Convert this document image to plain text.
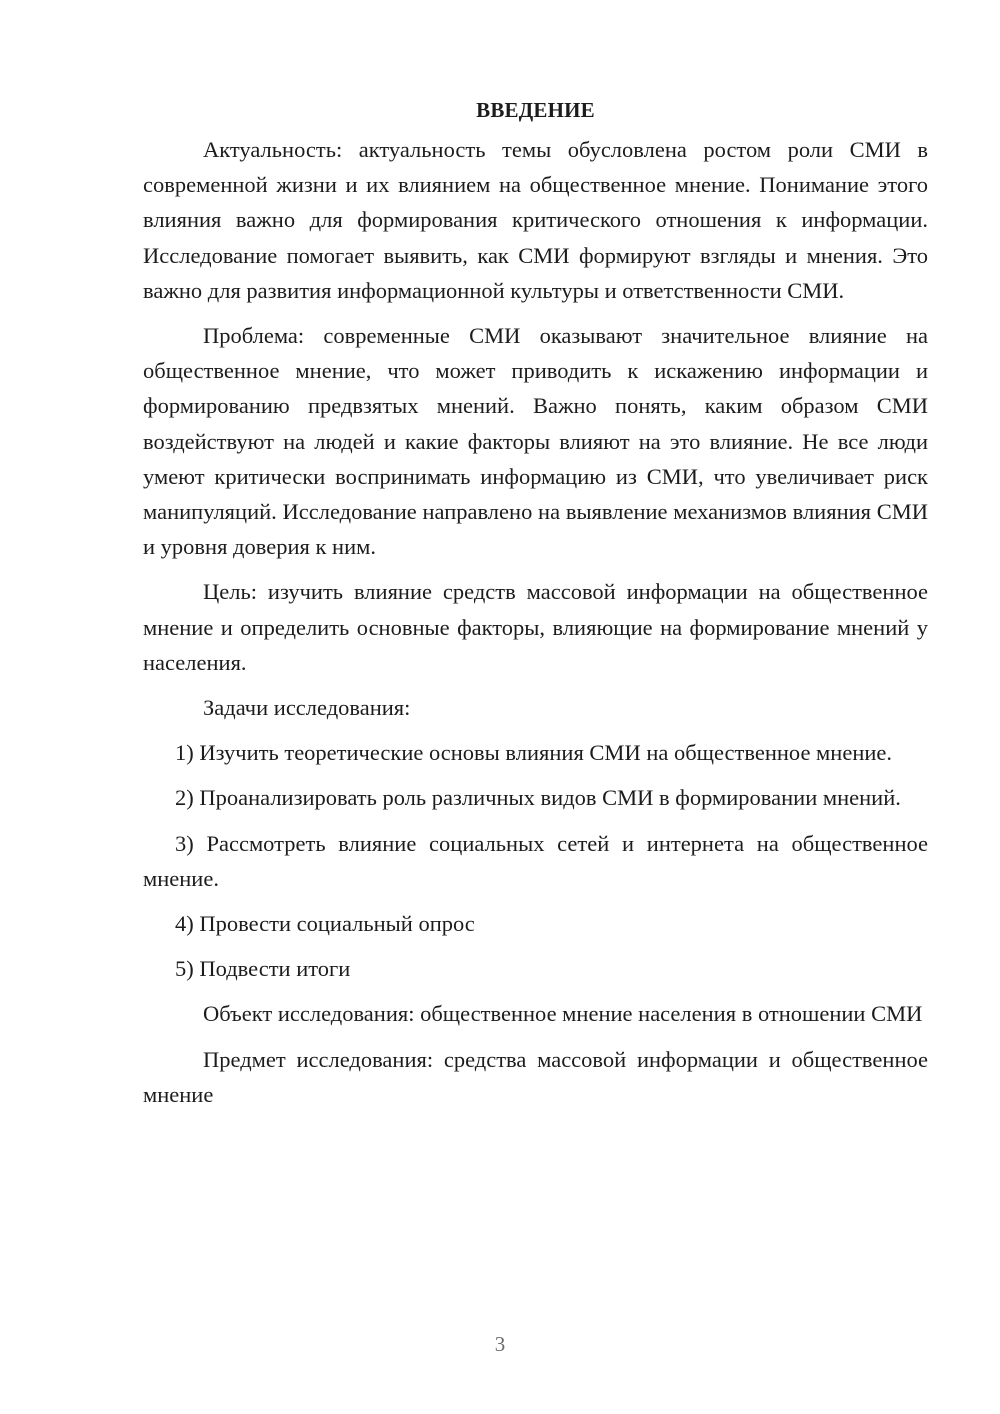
ВВЕДЕНИЕ

Актуальность: актуальность темы обусловлена ростом роли СМИ в современной жизни и их влиянием на общественное мнение. Понимание этого влияния важно для формирования критического отношения к информации. Исследование помогает выявить, как СМИ формируют взгляды и мнения. Это важно для развития информационной культуры и ответственности СМИ.

Проблема: современные СМИ оказывают значительное влияние на общественное мнение, что может приводить к искажению информации и формированию предвзятых мнений. Важно понять, каким образом СМИ воздействуют на людей и какие факторы влияют на это влияние. Не все люди умеют критически воспринимать информацию из СМИ, что увеличивает риск манипуляций. Исследование направлено на выявление механизмов влияния СМИ и уровня доверия к ним.

Цель: изучить влияние средств массовой информации на общественное мнение и определить основные факторы, влияющие на формирование мнений у населения.

Задачи исследования:

1) Изучить теоретические основы влияния СМИ на общественное мнение.

2) Проанализировать роль различных видов СМИ в формировании мнений.

3) Рассмотреть влияние социальных сетей и интернета на общественное мнение.

4) Провести социальный опрос

5) Подвести итоги

Объект исследования: общественное мнение населения в отношении СМИ

Предмет исследования: средства массовой информации и общественное мнение

3
